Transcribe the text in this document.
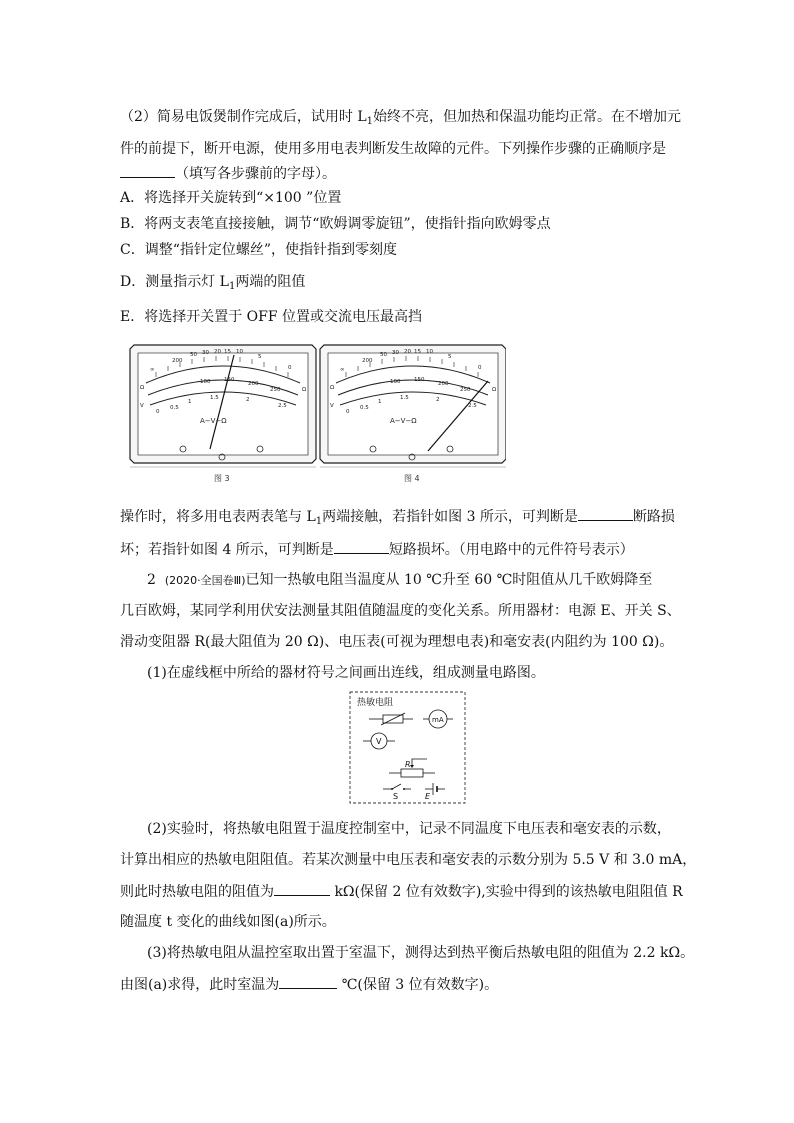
（2）简易电饭煲制作完成后，试用时 $L_1$始终不亮，但加热和保温功能均正常。在不增加元
件的前提下，断开电源，使用多用电表判断发生故障的元件。下列操作步骤的正确顺序是
（填写各步骤前的字母）。
A．将选择开关旋转到“×100 ”位置
B．将两支表笔直接接触，调节“欧姆调零旋钮”，使指针指向欧姆零点
C．调整“指针定位螺丝”，使指针指到零刻度
D．测量指示灯 $L_1$两端的阻值
E．将选择开关置于 OFF 位置或交流电压最高挡
∞
200
50 30 20 15 10
5
0
100 150
200
250
0
0.5
1
1.5	2
2.5
Ω
V
Ω
A−V−Ω
图 3
∞
200
50 30 20 15 10
5
0
100 150
200
250
0
0.5
1
1.5	2
2.5
Ω
V
Ω
A−V−Ω
图 4
操作时，将多用电表两表笔与 $L_1$两端接触，若指针如图 3 所示，可判断是	断路损
坏；若指针如图 4 所示，可判断是	短路损坏。（用电路中的元件符号表示）
2 (2020·全国卷Ⅲ)已知一热敏电阻当温度从 10 ℃升至 60 ℃时阻值从几千欧姆降至
几百欧姆，某同学利用伏安法测量其阻值随温度的变化关系。所用器材：电源 E、开关 S、
滑动变阻器 R(最大阻值为 20 Ω)、电压表(可视为理想电表)和毫安表(内阻约为 100 Ω)。
(1)在虚线框中所给的器材符号之间画出连线，组成测量电路图。
热敏电阻
mA
V
R
S	E
(2)实验时，将热敏电阻置于温度控制室中，记录不同温度下电压表和毫安表的示数，
计算出相应的热敏电阻阻值。若某次测量中电压表和毫安表的示数分别为 5.5 V 和 3.0 mA，
则此时热敏电阻的阻值为	kΩ(保留 2 位有效数字),实验中得到的该热敏电阻阻值 R
随温度 t 变化的曲线如图(a)所示。
(3)将热敏电阻从温控室取出置于室温下，测得达到热平衡后热敏电阻的阻值为 2.2 kΩ。
由图(a)求得，此时室温为	℃(保留 3 位有效数字)。
